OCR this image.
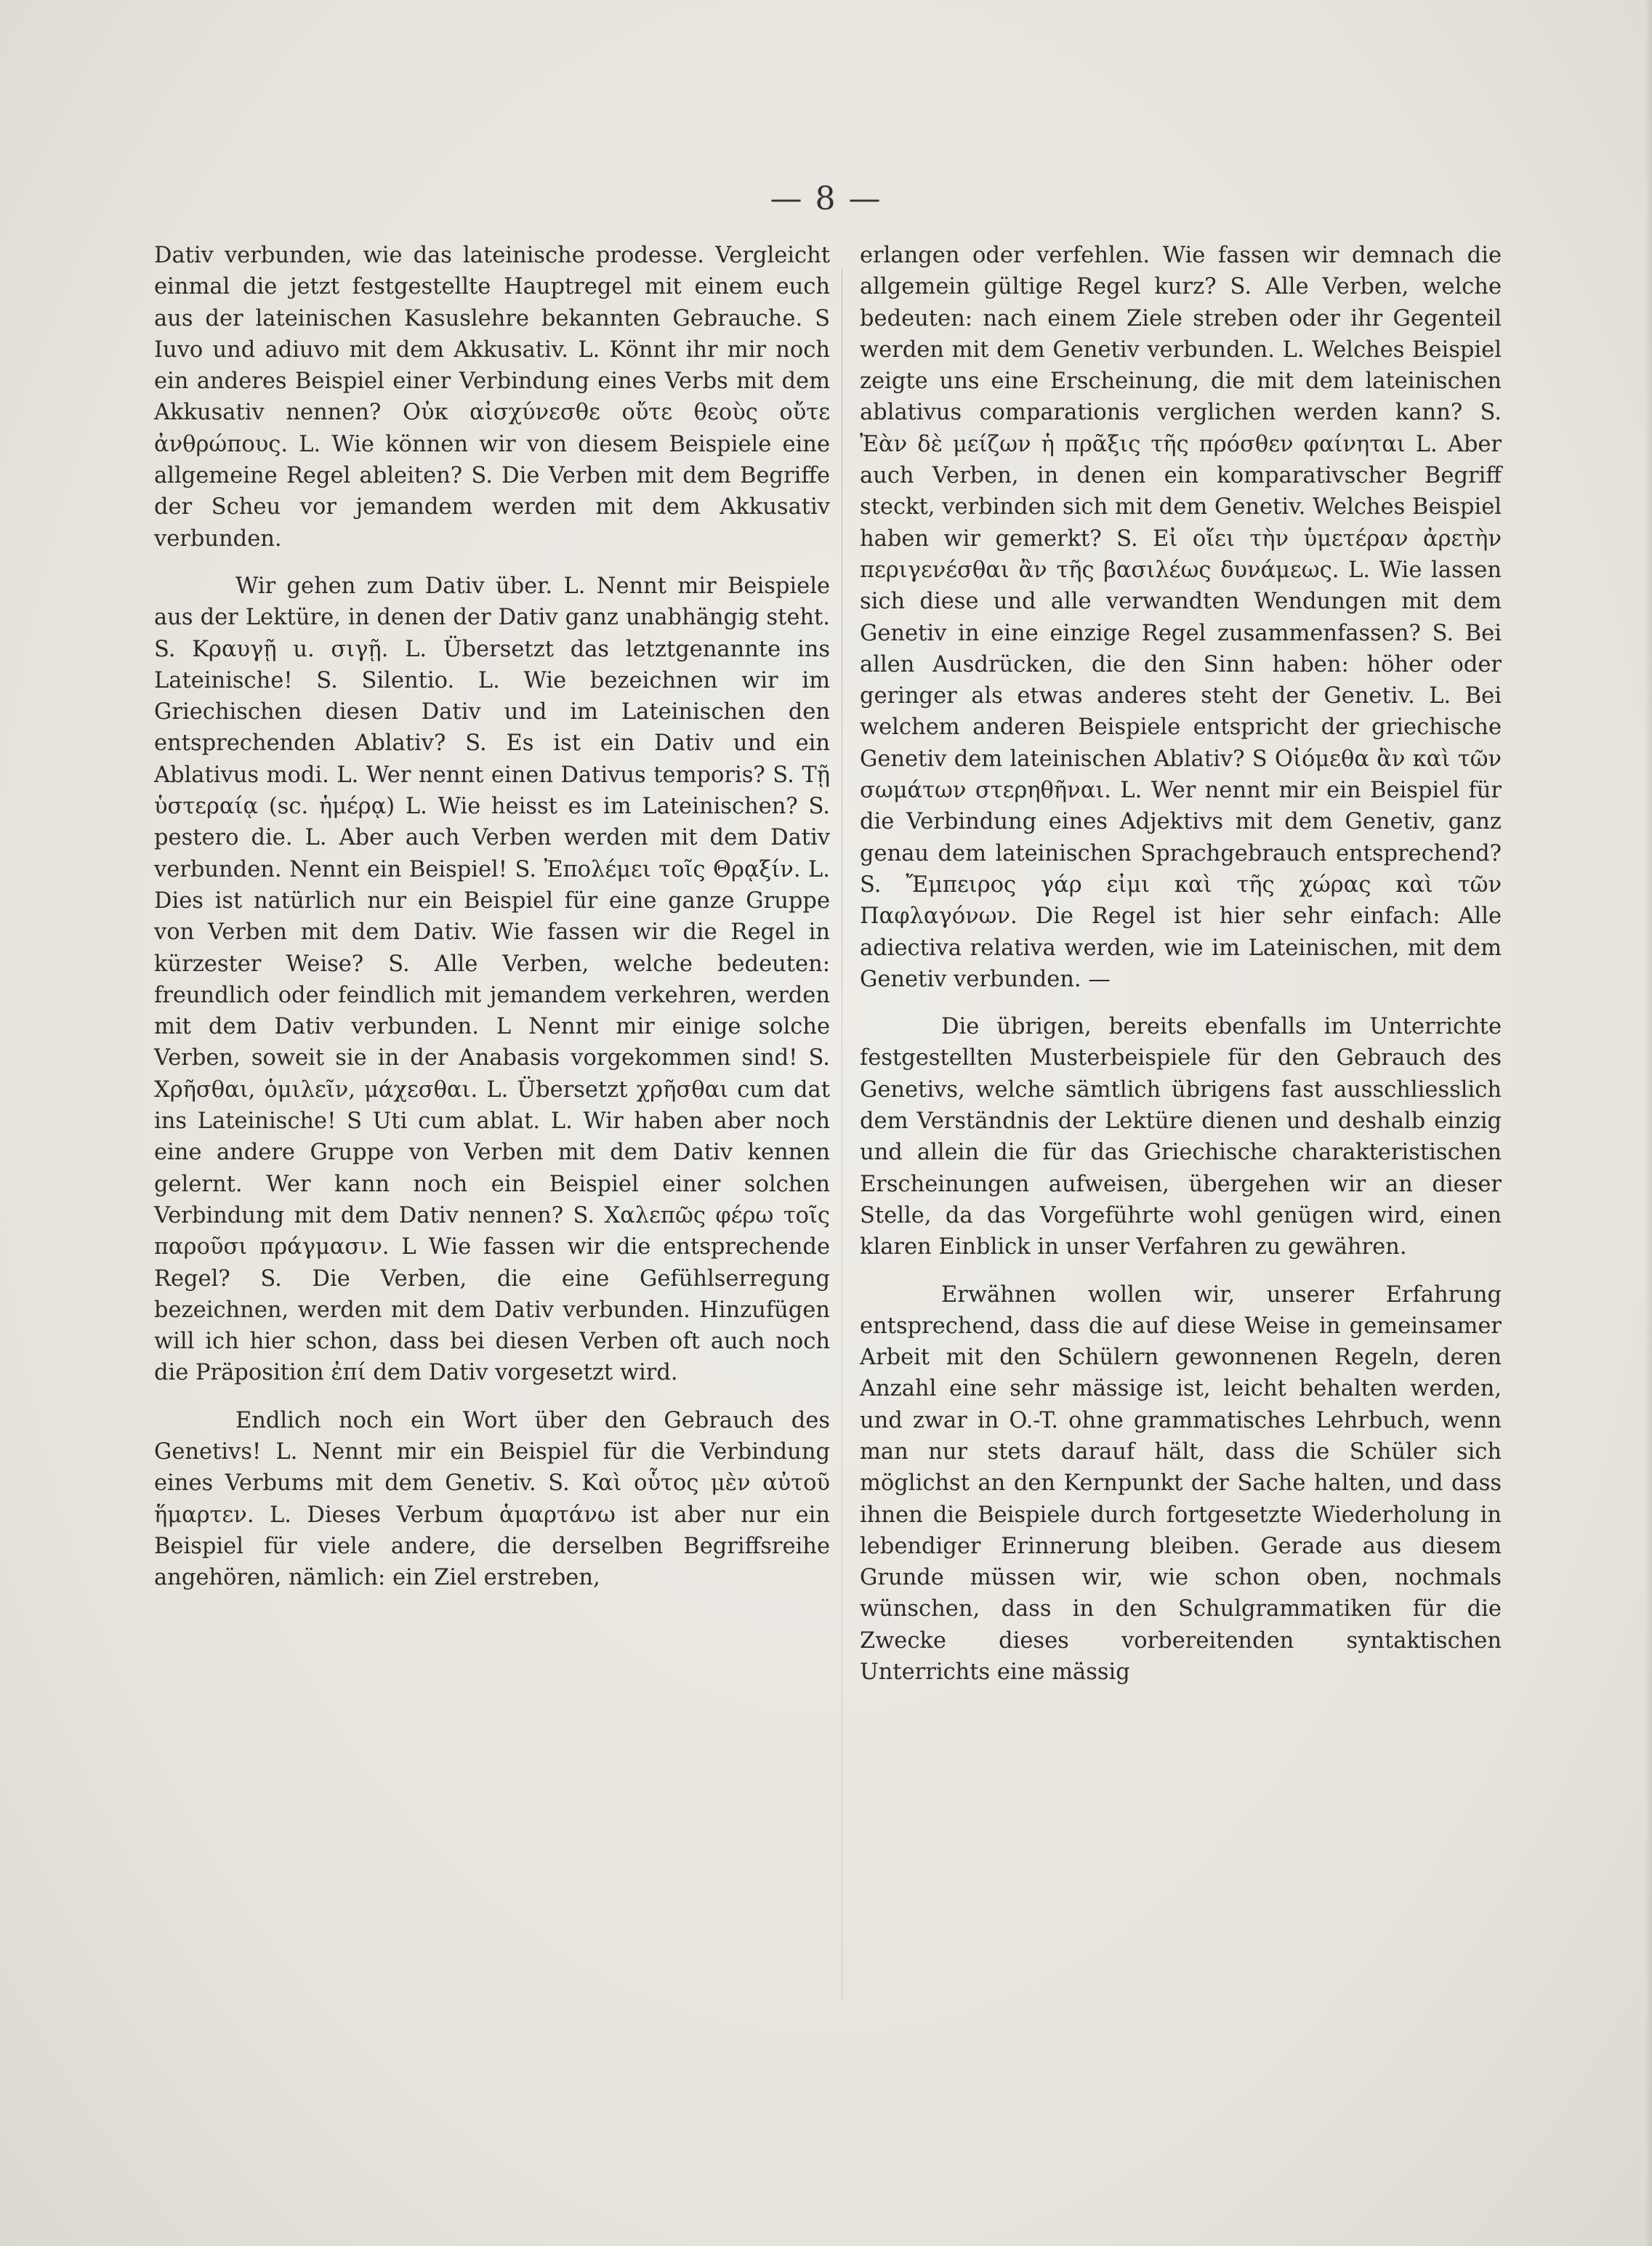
— 8 —

Dativ verbunden, wie das lateinische prodesse. Vergleicht einmal die jetzt festgestellte Hauptregel mit einem euch aus der lateinischen Kasuslehre bekannten Gebrauche. S Iuvo und adiuvo mit dem Akkusativ. L. Könnt ihr mir noch ein anderes Beispiel einer Verbindung eines Verbs mit dem Akkusativ nennen? Οὐκ αἰσχύνεσθε οὔτε θεοὺς οὔτε ἀνθρώπους. L. Wie können wir von diesem Beispiele eine allgemeine Regel ableiten? S. Die Verben mit dem Begriffe der Scheu vor jemandem werden mit dem Akkusativ verbunden.

Wir gehen zum Dativ über. L. Nennt mir Beispiele aus der Lektüre, in denen der Dativ ganz unabhängig steht. S. Κραυγῇ u. σιγῇ. L. Übersetzt das letztgenannte ins Lateinische! S. Silentio. L. Wie bezeichnen wir im Griechischen diesen Dativ und im Lateinischen den entsprechenden Ablativ? S. Es ist ein Dativ und ein Ablativus modi. L. Wer nennt einen Dativus temporis? S. Τῇ ὑστεραίᾳ (sc. ἡμέρᾳ) L. Wie heisst es im Lateinischen? S. pestero die. L. Aber auch Verben werden mit dem Dativ verbunden. Nennt ein Beispiel! S. Ἐπολέμει τοῖς Θρᾳξίν. L. Dies ist natürlich nur ein Beispiel für eine ganze Gruppe von Verben mit dem Dativ. Wie fassen wir die Regel in kürzester Weise? S. Alle Verben, welche bedeuten: freundlich oder feindlich mit jemandem verkehren, werden mit dem Dativ verbunden. L Nennt mir einige solche Verben, soweit sie in der Anabasis vorgekommen sind! S. Χρῆσθαι, ὁμιλεῖν, μάχεσθαι. L. Übersetzt χρῆσθαι cum dat ins Lateinische! S Uti cum ablat. L. Wir haben aber noch eine andere Gruppe von Verben mit dem Dativ kennen gelernt. Wer kann noch ein Beispiel einer solchen Verbindung mit dem Dativ nennen? S. Χαλεπῶς φέρω τοῖς παροῦσι πράγμασιν. L Wie fassen wir die entsprechende Regel? S. Die Verben, die eine Gefühlserregung bezeichnen, werden mit dem Dativ verbunden. Hinzufügen will ich hier schon, dass bei diesen Verben oft auch noch die Präposition ἐπί dem Dativ vorgesetzt wird.

Endlich noch ein Wort über den Gebrauch des Genetivs! L. Nennt mir ein Beispiel für die Verbindung eines Verbums mit dem Genetiv. S. Καὶ οὗτος μὲν αὐτοῦ ἥμαρτεν. L. Dieses Verbum ἁμαρτάνω ist aber nur ein Beispiel für viele andere, die derselben Begriffsreihe angehören, nämlich: ein Ziel erstreben,

erlangen oder verfehlen. Wie fassen wir demnach die allgemein gültige Regel kurz? S. Alle Verben, welche bedeuten: nach einem Ziele streben oder ihr Gegenteil werden mit dem Genetiv verbunden. L. Welches Beispiel zeigte uns eine Erscheinung, die mit dem lateinischen ablativus comparationis verglichen werden kann? S. Ἐὰν δὲ μείζων ἡ πρᾶξις τῆς πρόσθεν φαίνηται L. Aber auch Verben, in denen ein komparativscher Begriff steckt, verbinden sich mit dem Genetiv. Welches Beispiel haben wir gemerkt? S. Εἰ οἴει τὴν ὑμετέραν ἀρετὴν περιγενέσθαι ἂν τῆς βασιλέως δυνάμεως. L. Wie lassen sich diese und alle verwandten Wendungen mit dem Genetiv in eine einzige Regel zusammenfassen? S. Bei allen Ausdrücken, die den Sinn haben: höher oder geringer als etwas anderes steht der Genetiv. L. Bei welchem anderen Beispiele entspricht der griechische Genetiv dem lateinischen Ablativ? S Οἰόμεθα ἂν καὶ τῶν σωμάτων στερηθῆναι. L. Wer nennt mir ein Beispiel für die Verbindung eines Adjektivs mit dem Genetiv, ganz genau dem lateinischen Sprachgebrauch entsprechend? S. Ἔμπειρος γάρ εἰμι καὶ τῆς χώρας καὶ τῶν Παφλαγόνων. Die Regel ist hier sehr einfach: Alle adiectiva relativa werden, wie im Lateinischen, mit dem Genetiv verbunden. —

Die übrigen, bereits ebenfalls im Unterrichte festgestellten Musterbeispiele für den Gebrauch des Genetivs, welche sämtlich übrigens fast ausschliesslich dem Verständnis der Lektüre dienen und deshalb einzig und allein die für das Griechische charakteristischen Erscheinungen aufweisen, übergehen wir an dieser Stelle, da das Vorgeführte wohl genügen wird, einen klaren Einblick in unser Verfahren zu gewähren.

Erwähnen wollen wir, unserer Erfahrung entsprechend, dass die auf diese Weise in gemeinsamer Arbeit mit den Schülern gewonnenen Regeln, deren Anzahl eine sehr mässige ist, leicht behalten werden, und zwar in O.-T. ohne grammatisches Lehrbuch, wenn man nur stets darauf hält, dass die Schüler sich möglichst an den Kernpunkt der Sache halten, und dass ihnen die Beispiele durch fortgesetzte Wiederholung in lebendiger Erinnerung bleiben. Gerade aus diesem Grunde müssen wir, wie schon oben, nochmals wünschen, dass in den Schulgrammatiken für die Zwecke dieses vorbereitenden syntaktischen Unterrichts eine mässig
